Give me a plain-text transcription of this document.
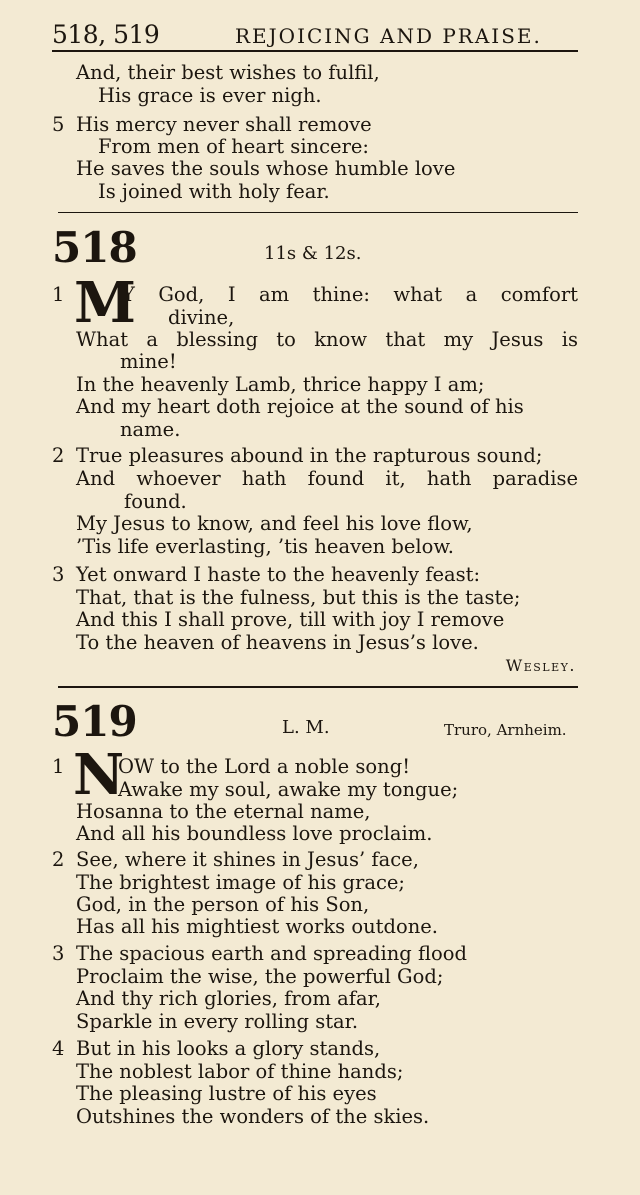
518, 519	REJOICING AND PRAISE.
And, their best wishes to fulfil,
His grace is ever nigh.
5 His mercy never shall remove
From men of heart sincere:
He saves the souls whose humble love
Is joined with holy fear.
518	11s & 12s.
1 M
Y God, I am thine: what a comfort
divine,
What a blessing to know that my Jesus is
mine!
In the heavenly Lamb, thrice happy I am;
And my heart doth rejoice at the sound of his
name.
2 True pleasures abound in the rapturous sound;
And whoever hath found it, hath paradise
found.
My Jesus to know, and feel his love flow,
’Tis life everlasting, ’tis heaven below.
3 Yet onward I haste to the heavenly feast:
That, that is the fulness, but this is the taste;
And this I shall prove, till with joy I remove
To the heaven of heavens in Jesus’s love.
Wesley.
519	L. M.	Truro, Arnheim.
1 N
OW to the Lord a noble song!
Awake my soul, awake my tongue;
Hosanna to the eternal name,
And all his boundless love proclaim.
2 See, where it shines in Jesus’ face,
The brightest image of his grace;
God, in the person of his Son,
Has all his mightiest works outdone.
3 The spacious earth and spreading flood
Proclaim the wise, the powerful God;
And thy rich glories, from afar,
Sparkle in every rolling star.
4 But in his looks a glory stands,
The noblest labor of thine hands;
The pleasing lustre of his eyes
Outshines the wonders of the skies.
